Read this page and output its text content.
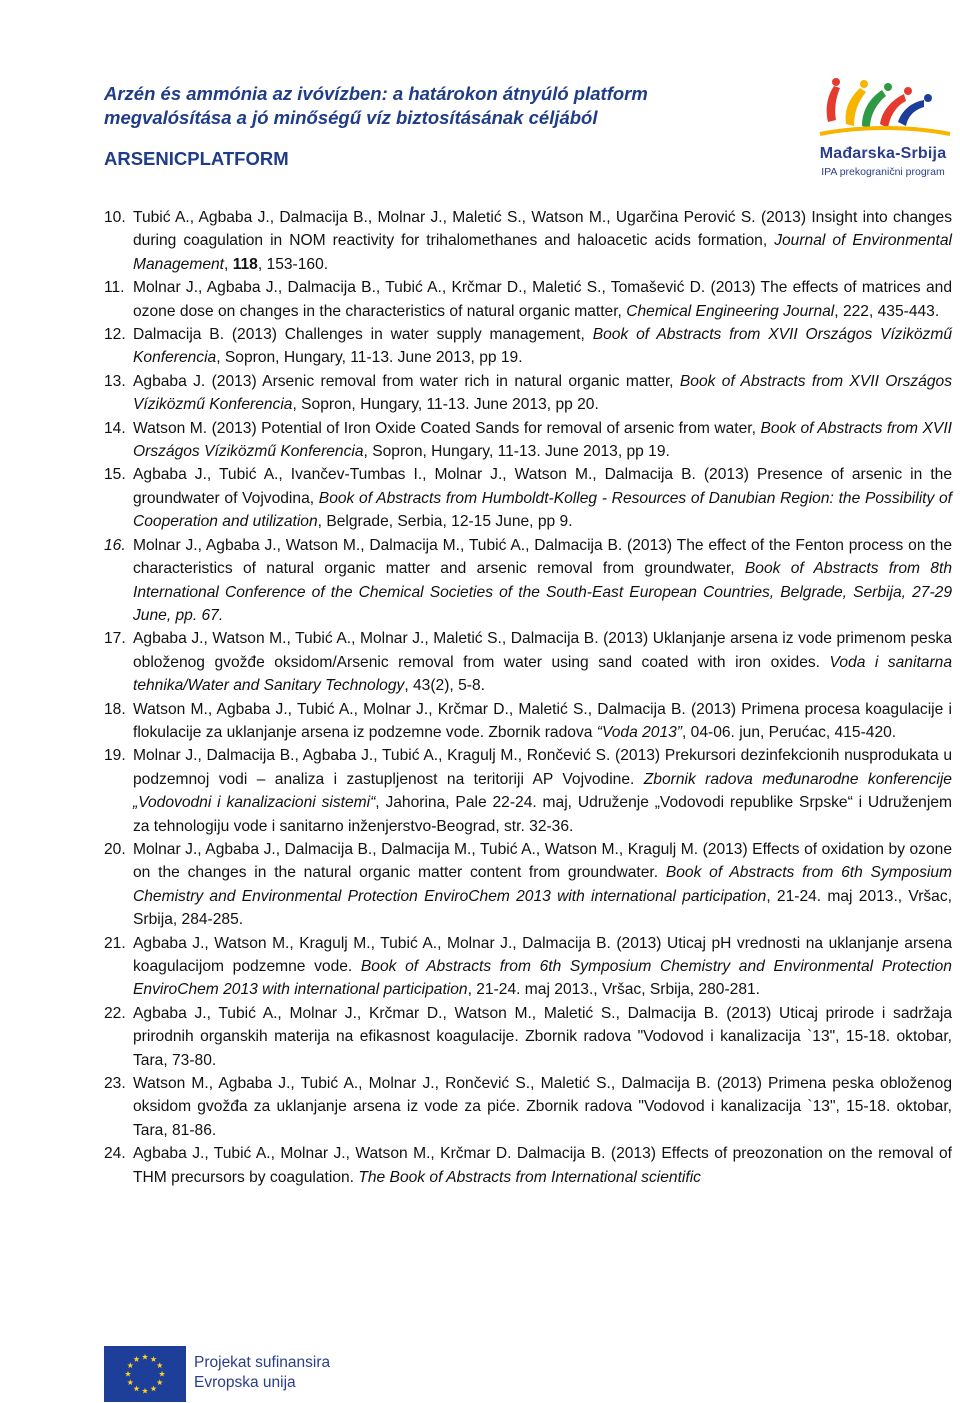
Arzén és ammónia az ivóvízben: a határokon átnyúló platform
megvalósítása a jó minőségű víz biztosításának céljából
ARSENICPLATFORM	Mađarska-Srbija
IPA prekogranični program
10. Tubić A., Agbaba J., Dalmacija B., Molnar J., Maletić S., Watson M., Ugarčina Perović S. (2013) Insight into changes during coagulation in NOM reactivity for trihalomethanes and haloacetic acids formation, Journal of Environmental Management, 118, 153-160.
11. Molnar J., Agbaba J., Dalmacija B., Tubić A., Krčmar D., Maletić S., Tomašević D. (2013) The effects of matrices and ozone dose on changes in the characteristics of natural organic matter, Chemical Engineering Journal, 222, 435-443.
12. Dalmacija B. (2013) Challenges in water supply management, Book of Abstracts from XVII Országos Víziközmű Konferencia, Sopron, Hungary, 11-13. June 2013, pp 19.
13. Agbaba J. (2013) Arsenic removal from water rich in natural organic matter, Book of Abstracts from XVII Országos Víziközmű Konferencia, Sopron, Hungary, 11-13. June 2013, pp 20.
14. Watson M. (2013) Potential of Iron Oxide Coated Sands for removal of arsenic from water, Book of Abstracts from XVII Országos Víziközmű Konferencia, Sopron, Hungary, 11-13. June 2013, pp 19.
15. Agbaba J., Tubić A., Ivančev-Tumbas I., Molnar J., Watson M., Dalmacija B. (2013) Presence of arsenic in the groundwater of Vojvodina, Book of Abstracts from Humboldt-Kolleg - Resources of Danubian Region: the Possibility of Cooperation and utilization, Belgrade, Serbia, 12-15 June, pp 9.
16. Molnar J., Agbaba J., Watson M., Dalmacija M., Tubić A., Dalmacija B. (2013) The effect of the Fenton process on the characteristics of natural organic matter and arsenic removal from groundwater, Book of Abstracts from 8th International Conference of the Chemical Societies of the South-East European Countries, Belgrade, Serbija, 27-29 June, pp. 67.
17. Agbaba J., Watson M., Tubić A., Molnar J., Maletić S., Dalmacija B. (2013) Uklanjanje arsena iz vode primenom peska obloženog gvožđe oksidom/Arsenic removal from water using sand coated with iron oxides. Voda i sanitarna tehnika/Water and Sanitary Technology, 43(2), 5-8.
18. Watson M., Agbaba J., Tubić A., Molnar J., Krčmar D., Maletić S., Dalmacija B. (2013) Primena procesa koagulacije i flokulacije za uklanjanje arsena iz podzemne vode. Zbornik radova “Voda 2013”, 04-06. jun, Perućac, 415-420.
19. Molnar J., Dalmacija B., Agbaba J., Tubić A., Kragulj M., Rončević S. (2013) Prekursori dezinfekcionih nusprodukata u podzemnoj vodi – analiza i zastupljenost na teritoriji AP Vojvodine. Zbornik radova međunarodne konferencije „Vodovodni i kanalizacioni sistemi“, Jahorina, Pale 22-24. maj, Udruženje „Vodovodi republike Srpske“ i Udruženjem za tehnologiju vode i sanitarno inženjerstvo-Beograd, str. 32-36.
20. Molnar J., Agbaba J., Dalmacija B., Dalmacija M., Tubić A., Watson M., Kragulj M. (2013) Effects of oxidation by ozone on the changes in the natural organic matter content from groundwater. Book of Abstracts from 6th Symposium Chemistry and Environmental Protection EnviroChem 2013 with international participation, 21-24. maj 2013., Vršac, Srbija, 284-285.
21. Agbaba J., Watson M., Kragulj M., Tubić A., Molnar J., Dalmacija B. (2013) Uticaj pH vrednosti na uklanjanje arsena koagulacijom podzemne vode. Book of Abstracts from 6th Symposium Chemistry and Environmental Protection EnviroChem 2013 with international participation, 21-24. maj 2013., Vršac, Srbija, 280-281.
22. Agbaba J., Tubić A., Molnar J., Krčmar D., Watson M., Maletić S., Dalmacija B. (2013) Uticaj prirode i sadržaja prirodnih organskih materija na efikasnost koagulacije. Zbornik radova "Vodovod i kanalizacija `13", 15-18. oktobar, Tara, 73-80.
23. Watson M., Agbaba J., Tubić A., Molnar J., Rončević S., Maletić S., Dalmacija B. (2013) Primena peska obloženog oksidom gvožđa za uklanjanje arsena iz vode za piće. Zbornik radova "Vodovod i kanalizacija `13", 15-18. oktobar, Tara, 81-86.
24. Agbaba J., Tubić A., Molnar J., Watson M., Krčmar D. Dalmacija B. (2013) Effects of preozonation on the removal of THM precursors by coagulation. The Book of Abstracts from International scientific
Projekat sufinansira
Evropska unija
